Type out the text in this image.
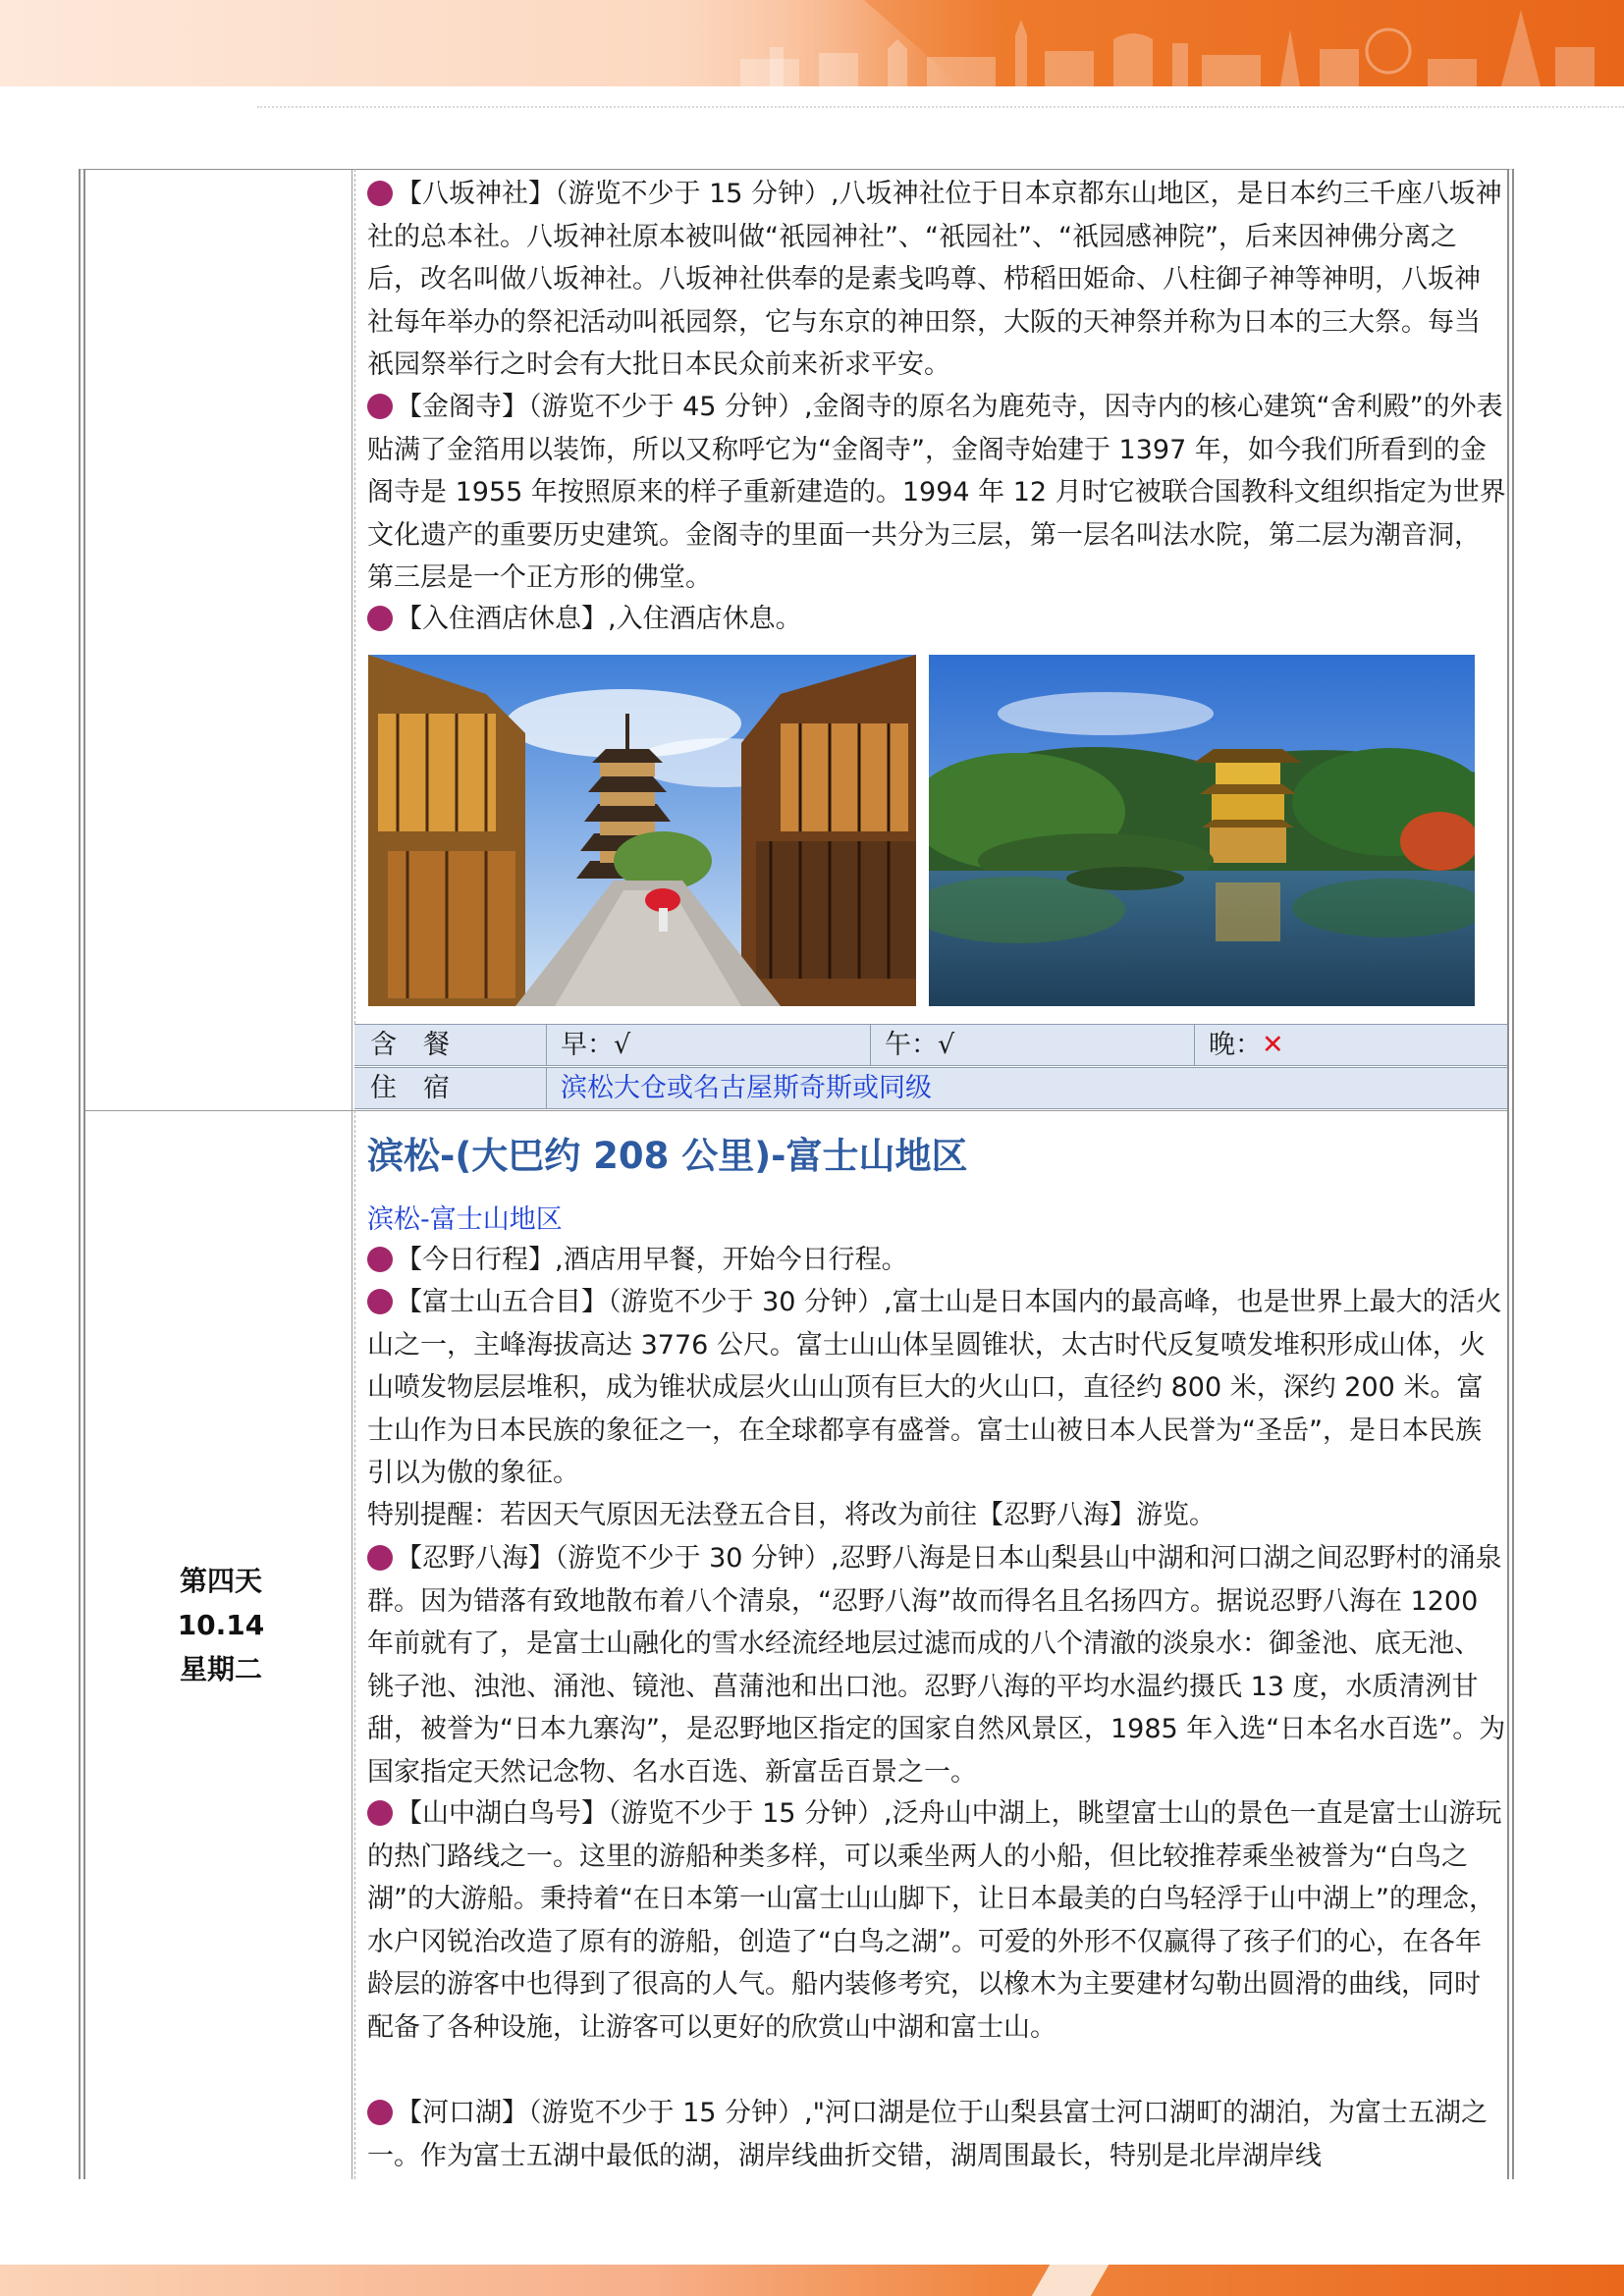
【八坂神社】（游览不少于 15 分钟）,八坂神社位于日本京都东山地区，是日本约三千座八坂神社的总本社。八坂神社原本被叫做“祇园神社”、“祇园社”、“祇园感神院”，后来因神佛分离之后，改名叫做八坂神社。八坂神社供奉的是素戋呜尊、栉稻田姫命、八柱御子神等神明，八坂神社每年举办的祭祀活动叫祇园祭，它与东京的神田祭，大阪的天神祭并称为日本的三大祭。每当祇园祭举行之时会有大批日本民众前来祈求平安。

【金阁寺】（游览不少于 45 分钟）,金阁寺的原名为鹿苑寺，因寺内的核心建筑“舍利殿”的外表贴满了金箔用以装饰，所以又称呼它为“金阁寺”，金阁寺始建于 1397 年，如今我们所看到的金阁寺是 1955 年按照原来的样子重新建造的。1994 年 12 月时它被联合国教科文组织指定为世界文化遗产的重要历史建筑。金阁寺的里面一共分为三层，第一层名叫法水院，第二层为潮音洞，第三层是一个正方形的佛堂。

【入住酒店休息】,入住酒店休息。

含　餐	早：√	午：√	晚：✕
住　宿	滨松大仓或名古屋斯奇斯或同级
第四天
10.14
星期二
滨松-(大巴约 208 公里)-富士山地区
滨松-富士山地区

【今日行程】,酒店用早餐，开始今日行程。

【富士山五合目】（游览不少于 30 分钟）,富士山是日本国内的最高峰，也是世界上最大的活火山之一，主峰海拔高达 3776 公尺。富士山山体呈圆锥状，太古时代反复喷发堆积形成山体，火山喷发物层层堆积，成为锥状成层火山山顶有巨大的火山口，直径约 800 米，深约 200 米。富士山作为日本民族的象征之一，在全球都享有盛誉。富士山被日本人民誉为“圣岳”，是日本民族引以为傲的象征。

特别提醒：若因天气原因无法登五合目，将改为前往【忍野八海】游览。

【忍野八海】（游览不少于 30 分钟）,忍野八海是日本山梨县山中湖和河口湖之间忍野村的涌泉群。因为错落有致地散布着八个清泉，“忍野八海”故而得名且名扬四方。据说忍野八海在 1200 年前就有了，是富士山融化的雪水经流经地层过滤而成的八个清澈的淡泉水：御釜池、底无池、铫子池、浊池、涌池、镜池、菖蒲池和出口池。忍野八海的平均水温约摄氏 13 度，水质清洌甘甜，被誉为“日本九寨沟”，是忍野地区指定的国家自然风景区，1985 年入选“日本名水百选”。为国家指定天然记念物、名水百选、新富岳百景之一。

【山中湖白鸟号】（游览不少于 15 分钟）,泛舟山中湖上，眺望富士山的景色一直是富士山游玩的热门路线之一。这里的游船种类多样，可以乘坐两人的小船，但比较推荐乘坐被誉为“白鸟之湖”的大游船。秉持着“在日本第一山富士山山脚下，让日本最美的白鸟轻浮于山中湖上”的理念，水户冈锐治改造了原有的游船，创造了“白鸟之湖”。可爱的外形不仅赢得了孩子们的心，在各年龄层的游客中也得到了很高的人气。船内装修考究，以橡木为主要建材勾勒出圆滑的曲线，同时配备了各种设施，让游客可以更好的欣赏山中湖和富士山。

【河口湖】（游览不少于 15 分钟）,"河口湖是位于山梨县富士河口湖町的湖泊，为富士五湖之一。作为富士五湖中最低的湖，湖岸线曲折交错，湖周围最长，特别是北岸湖岸线
